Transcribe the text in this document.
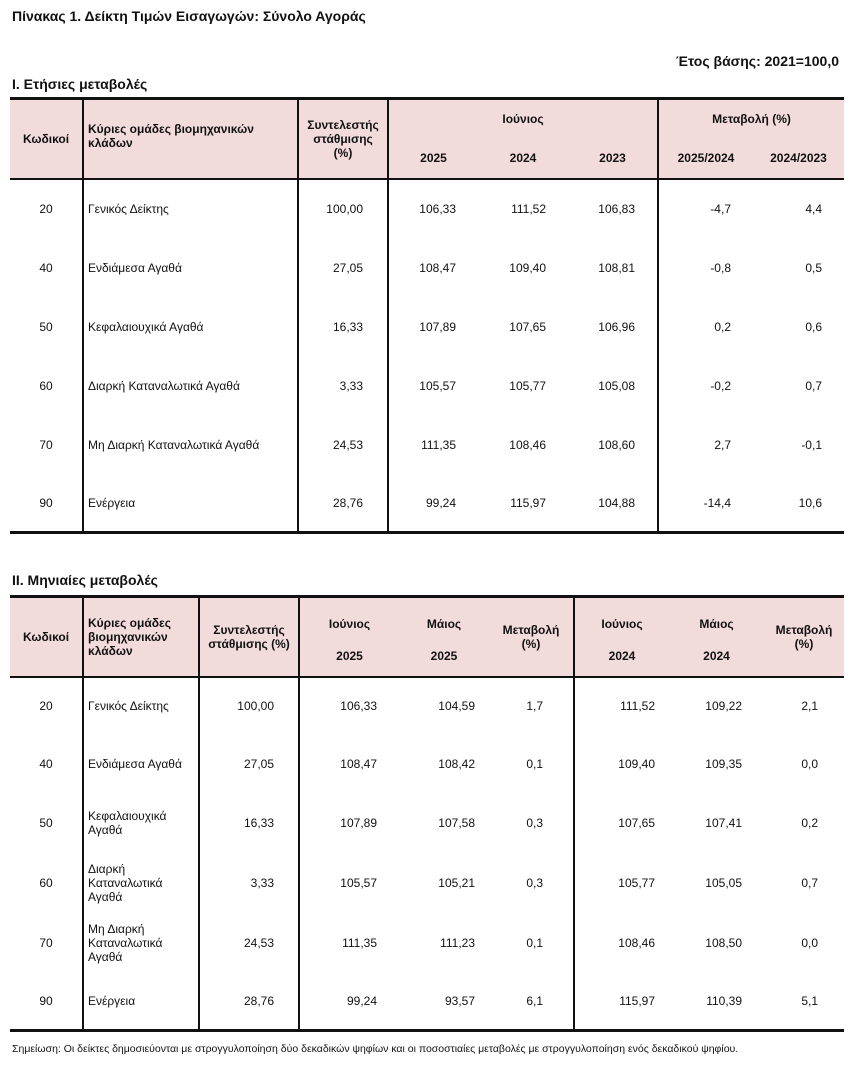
Πίνακας 1. Δείκτη Τιμών Εισαγωγών: Σύνολο Αγοράς
Έτος βάσης: 2021=100,0
Ι. Ετήσιες μεταβολές
Κωδικοί	Κύριες ομάδες βιομηχανικών κλάδων	Συντελεστής στάθμισης (%)	Ιούνιος			Μεταβολή (%)	
			2025	2024	2023	2025/2024	2024/2023
20	Γενικός Δείκτης	100,00	106,33	111,52	106,83	-4,7	4,4
40	Ενδιάμεσα Αγαθά	27,05	108,47	109,40	108,81	-0,8	0,5
50	Κεφαλαιουχικά Αγαθά	16,33	107,89	107,65	106,96	0,2	0,6
60	Διαρκή Καταναλωτικά Αγαθά	3,33	105,57	105,77	105,08	-0,2	0,7
70	Μη Διαρκή Καταναλωτικά Αγαθά	24,53	111,35	108,46	108,60	2,7	-0,1
90	Ενέργεια	28,76	99,24	115,97	104,88	-14,4	10,6
ΙΙ. Μηνιαίες μεταβολές
Κωδικοί	Κύριες ομάδες βιομηχανικών κλάδων	Συντελεστής στάθμισης (%)	Ιούνιος	Μάιος	Μεταβολή (%)	Ιούνιος	Μάιος	Μεταβολή (%)
			2025	2025		2024	2024	
20	Γενικός Δείκτης	100,00	106,33	104,59	1,7	111,52	109,22	2,1
40	Ενδιάμεσα Αγαθά	27,05	108,47	108,42	0,1	109,40	109,35	0,0
50	Κεφαλαιουχικά Αγαθά	16,33	107,89	107,58	0,3	107,65	107,41	0,2
60	Διαρκή Καταναλωτικά Αγαθά	3,33	105,57	105,21	0,3	105,77	105,05	0,7
70	Μη Διαρκή Καταναλωτικά Αγαθά	24,53	111,35	111,23	0,1	108,46	108,50	0,0
90	Ενέργεια	28,76	99,24	93,57	6,1	115,97	110,39	5,1
Σημείωση: Οι δείκτες δημοσιεύονται με στρογγυλοποίηση δύο δεκαδικών ψηφίων και οι ποσοστιαίες μεταβολές με στρογγυλοποίηση ενός δεκαδικού ψηφίου.
